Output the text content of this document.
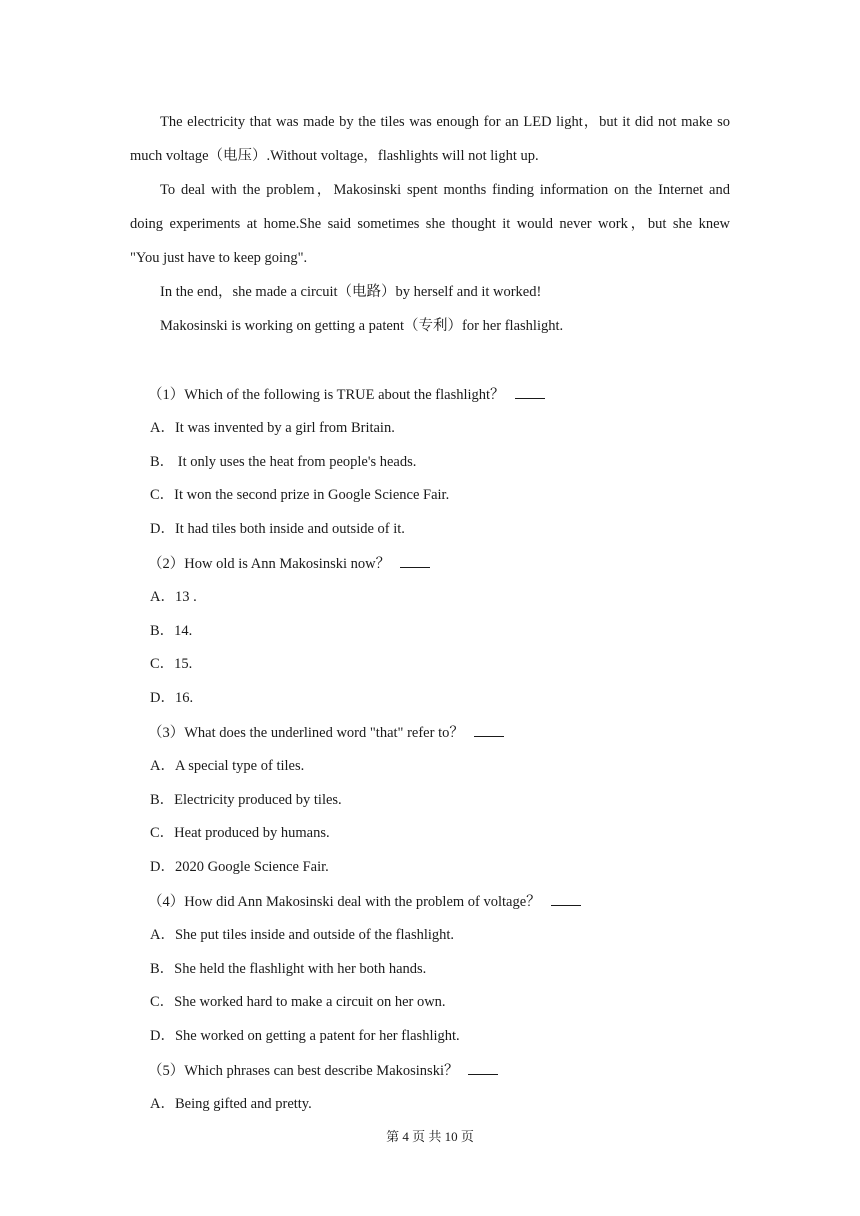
The electricity that was made by the tiles was enough for an LED light，but it did not make so
much voltage（电压）.Without voltage，flashlights will not light up.
To deal with the problem，Makosinski spent months finding information on the Internet and
doing experiments at home.She said sometimes she thought it would never work，but she knew
"You just have to keep going".
In the end，she made a circuit（电路）by herself and it worked!
Makosinski is working on getting a patent（专利）for her flashlight.
（1）Which of the following is TRUE about the flashlight？
A．It was invented by a girl from Britain.
B． It only uses the heat from people's heads.
C．It won the second prize in Google Science Fair.
D．It had tiles both inside and outside of it.
（2）How old is Ann Makosinski now？
A．13 .
B．14.
C．15.
D．16.
（3）What does the underlined word "that" refer to？
A．A special type of tiles.
B．Electricity produced by tiles.
C．Heat produced by humans.
D．2020 Google Science Fair.
（4）How did Ann Makosinski deal with the problem of voltage？
A．She put tiles inside and outside of the flashlight.
B．She held the flashlight with her both hands.
C．She worked hard to make a circuit on her own.
D．She worked on getting a patent for her flashlight.
（5）Which phrases can best describe Makosinski？
A．Being gifted and pretty.
第 4 页 共 10 页
